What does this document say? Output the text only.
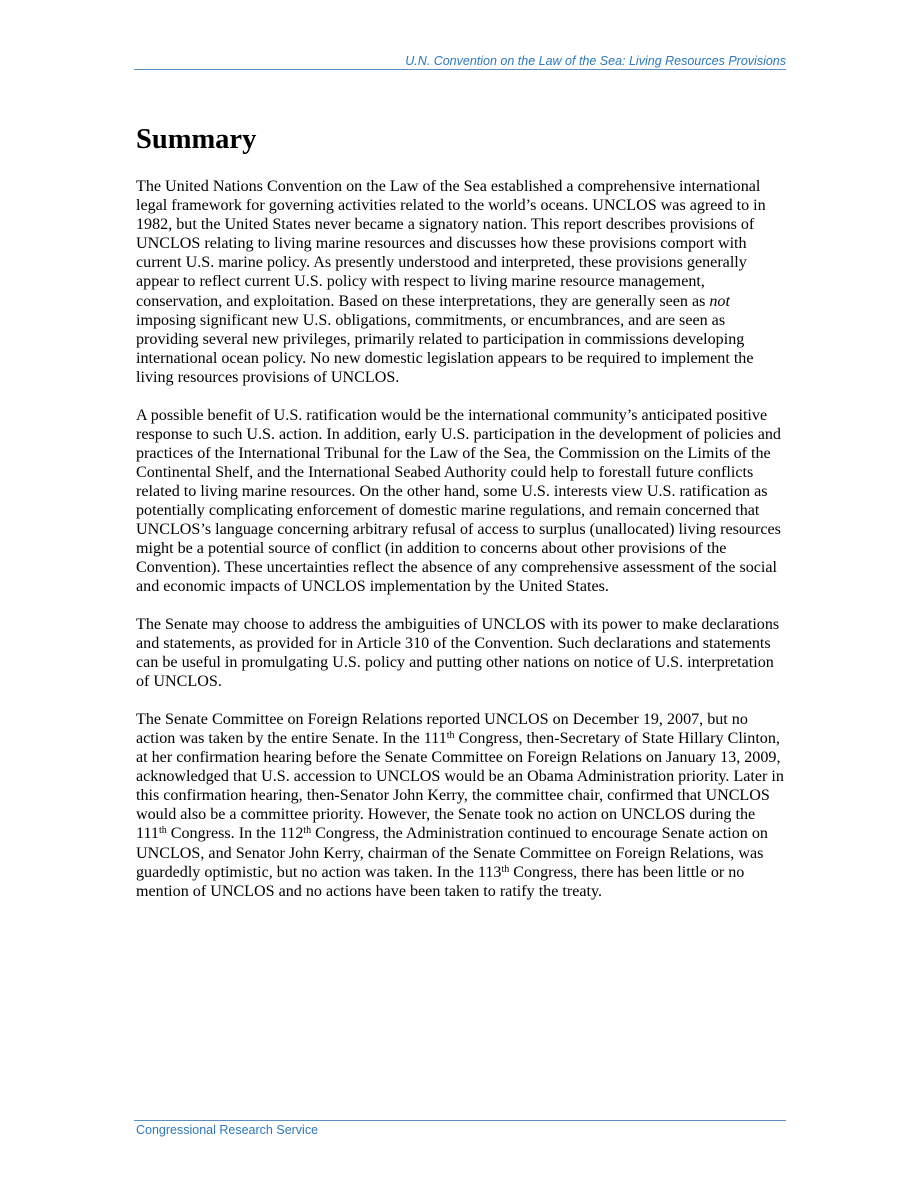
U.N. Convention on the Law of the Sea: Living Resources Provisions
Summary

The United Nations Convention on the Law of the Sea established a comprehensive international legal framework for governing activities related to the world’s oceans. UNCLOS was agreed to in 1982, but the United States never became a signatory nation. This report describes provisions of UNCLOS relating to living marine resources and discusses how these provisions comport with current U.S. marine policy. As presently understood and interpreted, these provisions generally appear to reflect current U.S. policy with respect to living marine resource management, conservation, and exploitation. Based on these interpretations, they are generally seen as not imposing significant new U.S. obligations, commitments, or encumbrances, and are seen as providing several new privileges, primarily related to participation in commissions developing international ocean policy. No new domestic legislation appears to be required to implement the living resources provisions of UNCLOS.

A possible benefit of U.S. ratification would be the international community’s anticipated positive response to such U.S. action. In addition, early U.S. participation in the development of policies and practices of the International Tribunal for the Law of the Sea, the Commission on the Limits of the Continental Shelf, and the International Seabed Authority could help to forestall future conflicts related to living marine resources. On the other hand, some U.S. interests view U.S. ratification as potentially complicating enforcement of domestic marine regulations, and remain concerned that UNCLOS’s language concerning arbitrary refusal of access to surplus (unallocated) living resources might be a potential source of conflict (in addition to concerns about other provisions of the Convention). These uncertainties reflect the absence of any comprehensive assessment of the social and economic impacts of UNCLOS implementation by the United States.

The Senate may choose to address the ambiguities of UNCLOS with its power to make declarations and statements, as provided for in Article 310 of the Convention. Such declarations and statements can be useful in promulgating U.S. policy and putting other nations on notice of U.S. interpretation of UNCLOS.

The Senate Committee on Foreign Relations reported UNCLOS on December 19, 2007, but no action was taken by the entire Senate. In the 111th Congress, then-Secretary of State Hillary Clinton, at her confirmation hearing before the Senate Committee on Foreign Relations on January 13, 2009, acknowledged that U.S. accession to UNCLOS would be an Obama Administration priority. Later in this confirmation hearing, then-Senator John Kerry, the committee chair, confirmed that UNCLOS would also be a committee priority. However, the Senate took no action on UNCLOS during the 111th Congress. In the 112th Congress, the Administration continued to encourage Senate action on UNCLOS, and Senator John Kerry, chairman of the Senate Committee on Foreign Relations, was guardedly optimistic, but no action was taken. In the 113th Congress, there has been little or no mention of UNCLOS and no actions have been taken to ratify the treaty.

Congressional Research Service
